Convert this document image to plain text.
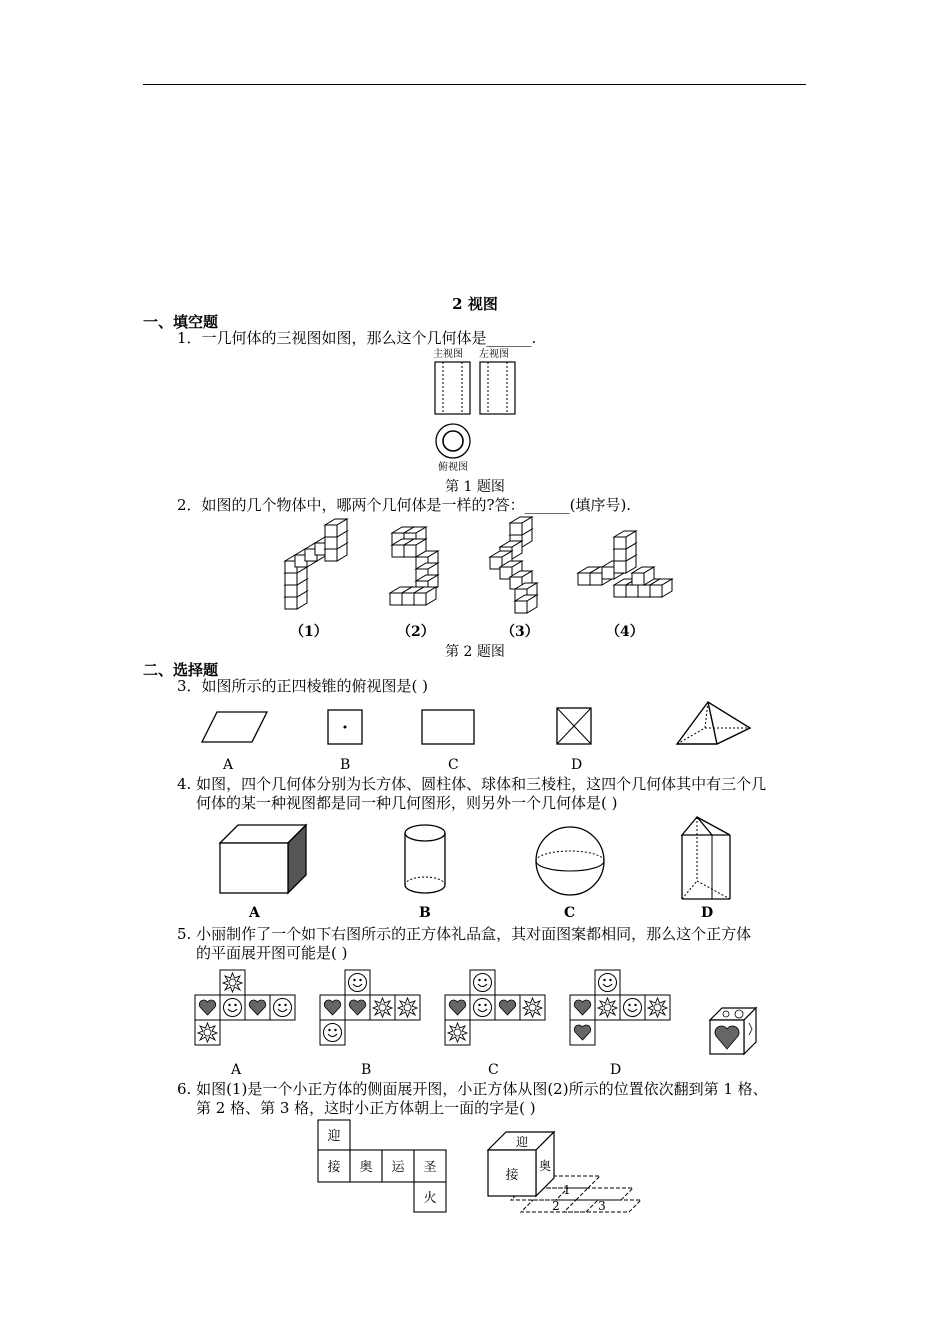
2 视图
一、填空题
1．一几何体的三视图如图，那么这个几何体是______.
主视图 左视图
俯视图
第 1 题图
2．如图的几个物体中，哪两个几何体是一样的?答：______(填序号).
（1）	（2）	（3）	（4）
第 2 题图
二、选择题
3．如图所示的正四棱锥的俯视图是( )
A	B	C	D
4. 如图，四个几何体分别为长方体、圆柱体、球体和三棱柱，这四个几何体其中有三个几
何体的某一种视图都是同一种几何图形，则另外一个几何体是( )
A	B	C	D
5. 小丽制作了一个如下右图所示的正方体礼品盒，其对面图案都相同，那么这个正方体
的平面展开图可能是( )
A	B	C	D
6. 如图(1)是一个小正方体的侧面展开图，小正方体从图(2)所示的位置依次翻到第 1 格、
第 2 格、第 3 格，这时小正方体朝上一面的字是( )
迎
接 奥 运 圣
火
迎
接
奥
1
2	3
